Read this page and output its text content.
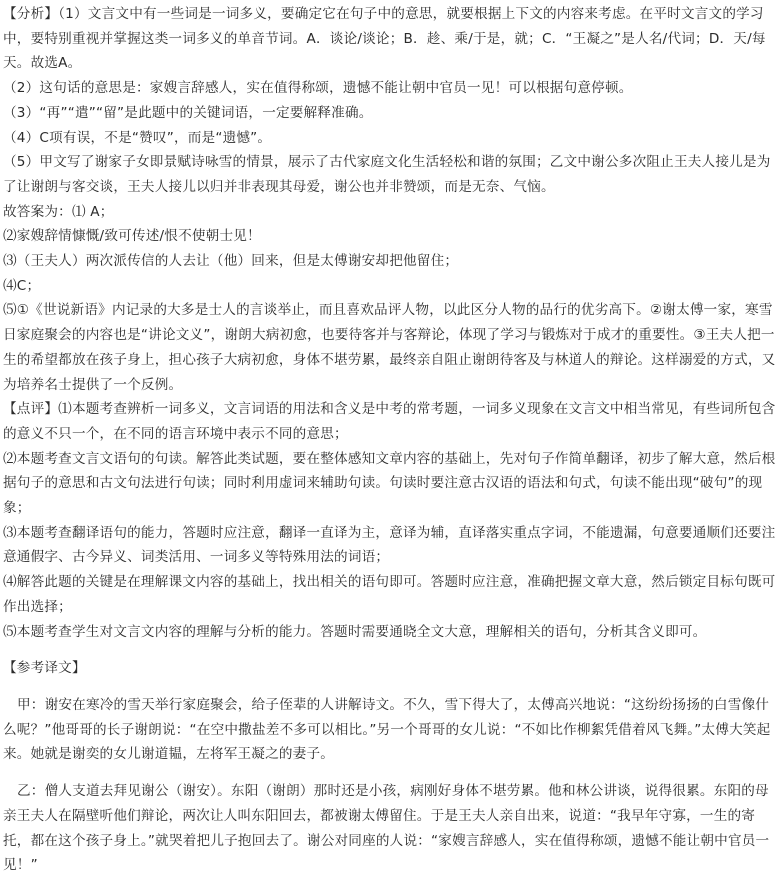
【分析】（1）文言文中有一些词是一词多义，要确定它在句子中的意思，就要根据上下文的内容来考虑。在平时文言文的学习中，要特别重视并掌握这类一词多义的单音节词。A．谈论/谈论；B．趁、乘/于是，就；C．“王凝之”是人名/代词；D．天/每天。故选A。

（2）这句话的意思是：家嫂言辞感人，实在值得称颂，遗憾不能让朝中官员一见！可以根据句意停顿。

（3）“再”“遣”“留”是此题中的关键词语，一定要解释准确。

（4）C项有误，不是“赞叹”，而是“遗憾”。

（5）甲文写了谢家子女即景赋诗咏雪的情景，展示了古代家庭文化生活轻松和谐的氛围；乙文中谢公多次阻止王夫人接儿是为了让谢朗与客交谈，王夫人接儿以归并非表现其母爱，谢公也并非赞颂，而是无奈、气恼。

故答案为：⑴ A；

⑵家嫂辞情慷慨/致可传述/恨不使朝士见！

⑶（王夫人）两次派传信的人去让（他）回来，但是太傅谢安却把他留住；

⑷C；

⑸①《世说新语》内记录的大多是士人的言谈举止，而且喜欢品评人物，以此区分人物的品行的优劣高下。②谢太傅一家，寒雪日家庭聚会的内容也是“讲论文义”，谢朗大病初愈，也要待客并与客辩论，体现了学习与锻炼对于成才的重要性。③王夫人把一生的希望都放在孩子身上，担心孩子大病初愈，身体不堪劳累，最终亲自阻止谢朗待客及与林道人的辩论。这样溺爱的方式，又为培养名士提供了一个反例。

【点评】⑴本题考查辨析一词多义，文言词语的用法和含义是中考的常考题，一词多义现象在文言文中相当常见，有些词所包含的意义不只一个，在不同的语言环境中表示不同的意思；

⑵本题考查文言文语句的句读。解答此类试题，要在整体感知文章内容的基础上，先对句子作简单翻译，初步了解大意，然后根据句子的意思和古文句法进行句读；同时利用虚词来辅助句读。句读时要注意古汉语的语法和句式，句读不能出现“破句”的现象；

⑶本题考查翻译语句的能力，答题时应注意，翻译一直译为主，意译为辅，直译落实重点字词，不能遗漏，句意要通顺们还要注意通假字、古今异义、词类活用、一词多义等特殊用法的词语；

⑷解答此题的关键是在理解课文内容的基础上，找出相关的语句即可。答题时应注意，准确把握文章大意，然后锁定目标句既可作出选择；

⑸本题考查学生对文言文内容的理解与分析的能力。答题时需要通晓全文大意，理解相关的语句，分析其含义即可。

【参考译文】

甲：谢安在寒冷的雪天举行家庭聚会，给子侄辈的人讲解诗文。不久，雪下得大了，太傅高兴地说：“这纷纷扬扬的白雪像什么呢？”他哥哥的长子谢朗说：“在空中撒盐差不多可以相比。”另一个哥哥的女儿说：“不如比作柳絮凭借着风飞舞。”太傅大笑起来。她就是谢奕的女儿谢道韫，左将军王凝之的妻子。

乙：僧人支道去拜见谢公（谢安）。东阳（谢朗）那时还是小孩，病刚好身体不堪劳累。他和林公讲谈，说得很累。东阳的母亲王夫人在隔壁听他们辩论，两次让人叫东阳回去，都被谢太傅留住。于是王夫人亲自出来，说道：“我早年守寡，一生的寄托，都在这个孩子身上。”就哭着把儿子抱回去了。谢公对同座的人说：“家嫂言辞感人，实在值得称颂，遗憾不能让朝中官员一见！”
